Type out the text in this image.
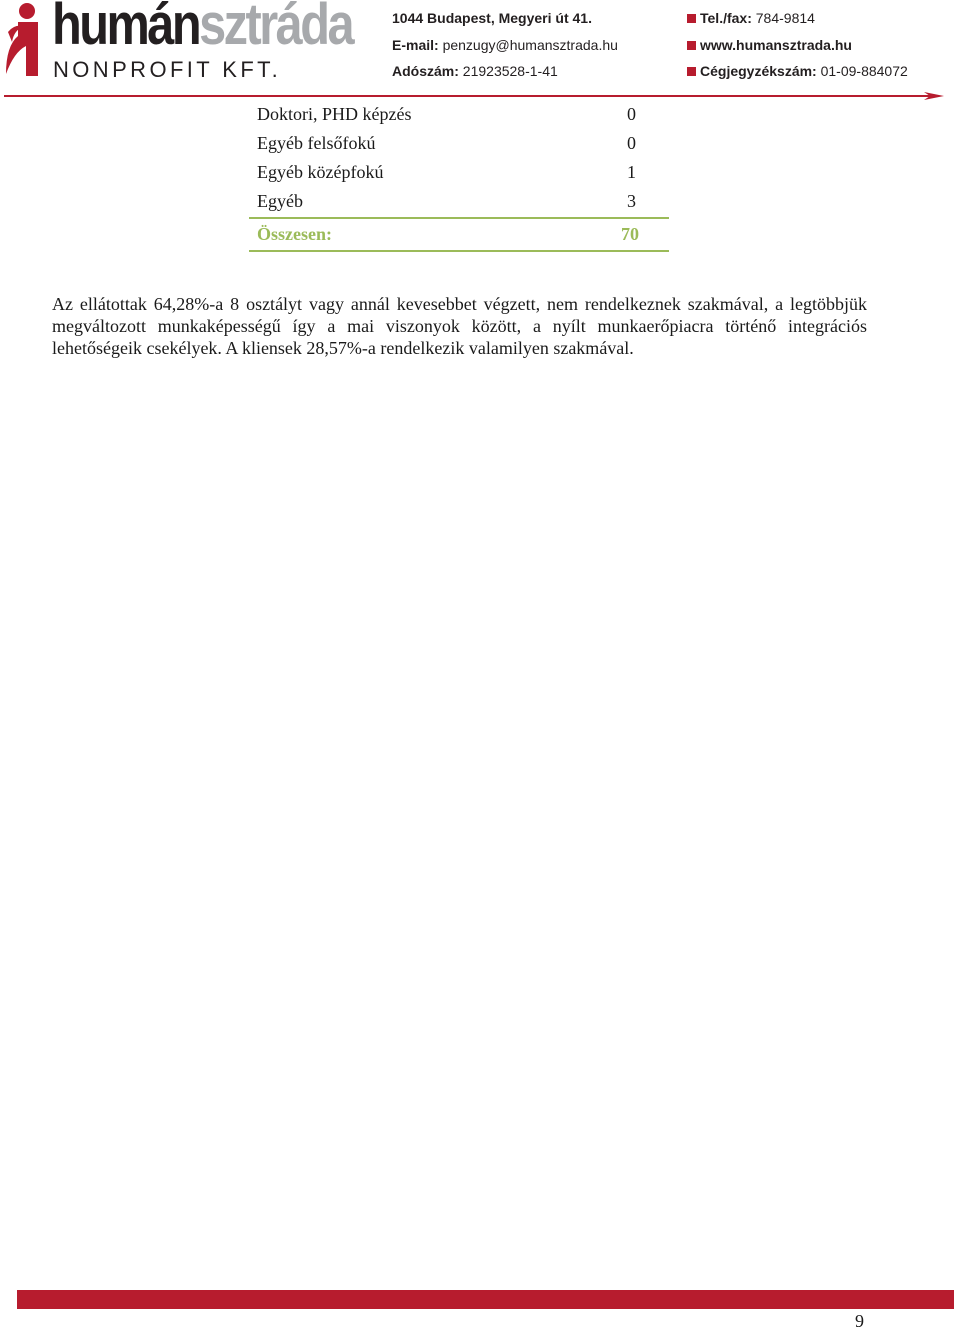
humánsztráda
NONPROFIT KFT.
1044 Budapest, Megyeri út 41.
E-mail: penzugy@humansztrada.hu
Adószám: 21923528-1-41
Tel./fax: 784-9814
www.humansztrada.hu
Cégjegyzékszám: 01-09-884072
Doktori, PHD képzés	0
Egyéb felsőfokú	0
Egyéb középfokú	1
Egyéb	3
Összesen:	70

Az ellátottak 64,28%-a 8 osztályt vagy annál kevesebbet végzett, nem rendelkeznek szakmával, a legtöbbjük megváltozott munkaképességű így a mai viszonyok között, a nyílt munkaerőpiacra történő integrációs lehetőségeik csekélyek. A kliensek 28,57%-a rendelkezik valamilyen szakmával.

9
